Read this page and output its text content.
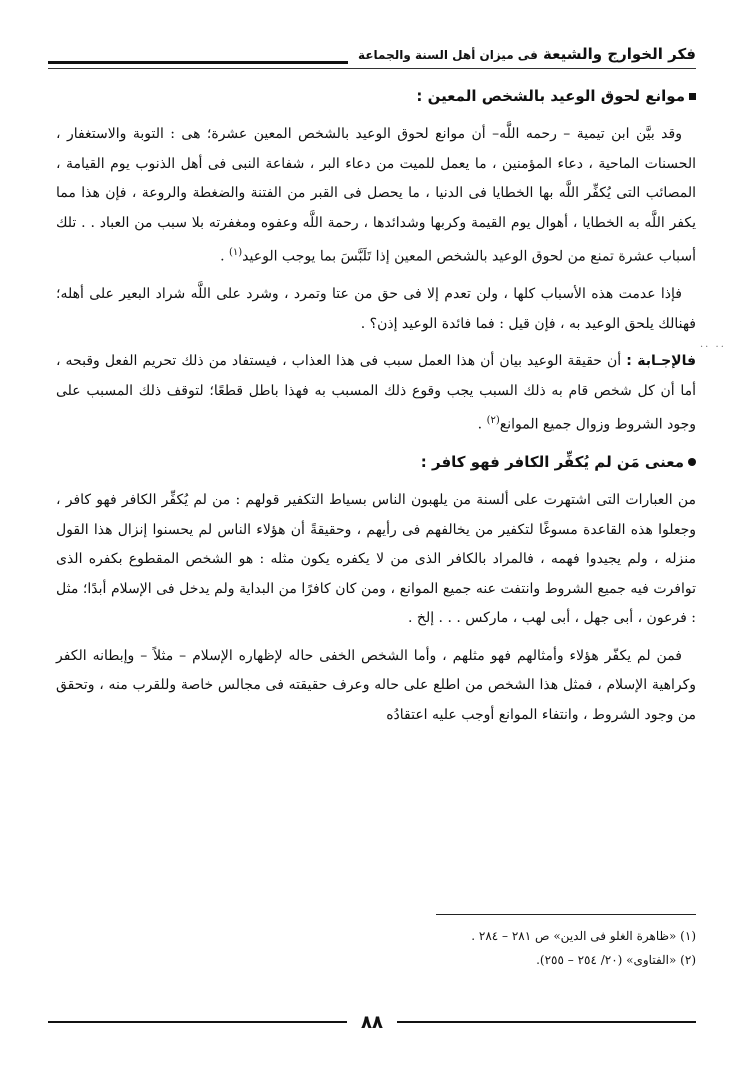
فكر الخوارج والشيعة فى ميزان أهل السنة والجماعة
·· ··
موانع لحوق الوعيد بالشخص المعين :

وقد بيَّن ابن تيمية – رحمه اللَّه– أن موانع لحوق الوعيد بالشخص المعين عشرة؛ هى : التوبة والاستغفار ، الحسنات الماحية ، دعاء المؤمنين ، ما يعمل للميت من دعاء البر ، شفاعة النبى فى أهل الذنوب يوم القيامة ، المصائب التى يُكفِّر اللَّه بها الخطايا فى الدنيا ، ما يحصل فى القبر من الفتنة والضغطة والروعة ، فإن هذا مما يكفر اللَّه به الخطايا ، أهوال يوم القيمة وكربها وشدائدها ، رحمة اللَّه وعفوه ومغفرته بلا سبب من العباد . . تلك أسباب عشرة تمنع من لحوق الوعيد بالشخص المعين إذا تَلَبَّسَ بما يوجب الوعيد$^{(١)}$ .

فإذا عدمت هذه الأسباب كلها ، ولن تعدم إلا فى حق من عتا وتمرد ، وشرد على اللَّه شراد البعير على أهله؛ فهنالك يلحق الوعيد به ، فإن قيل : فما فائدة الوعيد إذن؟ .

فالإجـابة : أن حقيقة الوعيد بيان أن هذا العمل سبب فى هذا العذاب ، فيستفاد من ذلك تحريم الفعل وقبحه ، أما أن كل شخص قام به ذلك السبب يجب وقوع ذلك المسبب به فهذا باطل قطعًا؛ لتوقف ذلك المسبب على وجود الشروط وزوال جميع الموانع$^{(٢)}$ .

معنى مَن لم يُكفِّر الكافر فهو كافر :

من العبارات التى اشتهرت على ألسنة من يلهبون الناس بسياط التكفير قولهم : من لم يُكفِّر الكافر فهو كافر ، وجعلوا هذه القاعدة مسوغًا لتكفير من يخالفهم فى رأيهم ، وحقيقةً أن هؤلاء الناس لم يحسنوا إنزال هذا القول منزله ، ولم يجيدوا فهمه ، فالمراد بالكافر الذى من لا يكفره يكون مثله : هو الشخص المقطوع بكفره الذى توافرت فيه جميع الشروط وانتفت عنه جميع الموانع ، ومن كان كافرًا من البداية ولم يدخل فى الإسلام أبدًا؛ مثل : فرعون ، أبى جهل ، أبى لهب ، ماركس . . . إلخ .

فمن لم يكفّر هؤلاء وأمثالهم فهو مثلهم ، وأما الشخص الخفى حاله لإظهاره الإسلام – مثلاً – وإبطانه الكفر وكراهية الإسلام ، فمثل هذا الشخص من اطلع على حاله وعرف حقيقته فى مجالس خاصة وللقرب منه ، وتحقق من وجود الشروط ، وانتفاء الموانع أوجب عليه اعتقادُه

(١) «ظاهرة الغلو فى الدين» ص ٢٨١ – ٢٨٤ .

(٢) «الفتاوى» (٢٠/ ٢٥٤ – ٢٥٥).

٨٨
